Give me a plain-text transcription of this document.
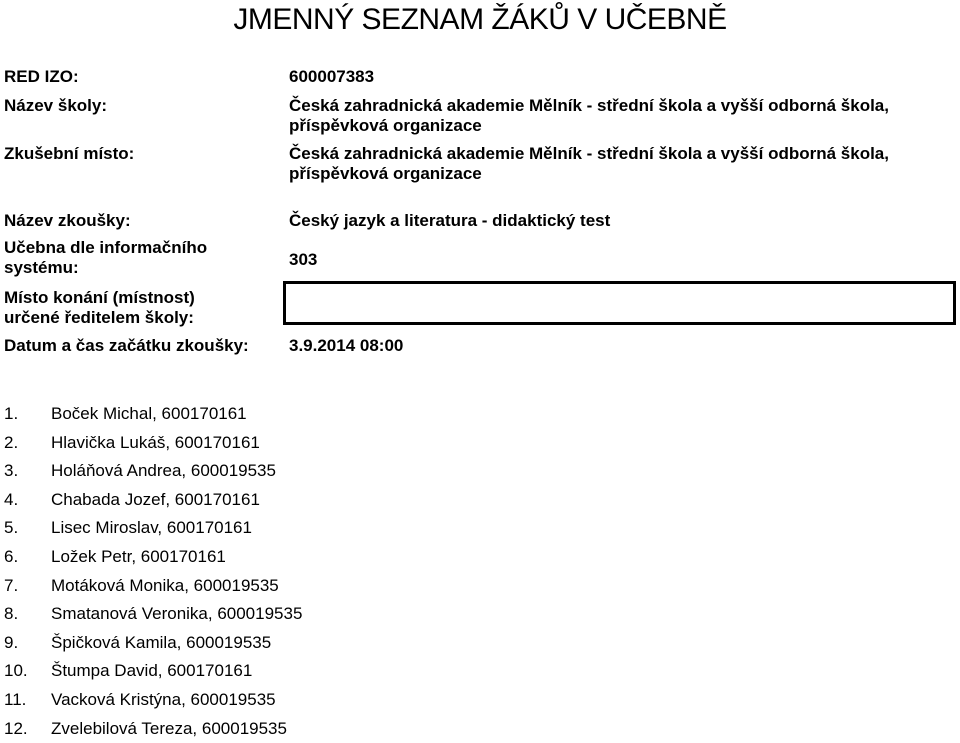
JMENNÝ SEZNAM ŽÁKŮ V UČEBNĚ
RED IZO:	600007383
Název školy:	Česká zahradnická akademie Mělník - střední škola a vyšší odborná škola,
příspěvková organizace
Zkušební místo:	Česká zahradnická akademie Mělník - střední škola a vyšší odborná škola,
příspěvková organizace
Název zkoušky:	Český jazyk a literatura - didaktický test
Učebna dle informačního
systému:	303
Místo konání (místnost)
určené ředitelem školy:
Datum a čas začátku zkoušky: 3.9.2014 08:00
1.	Boček Michal, 600170161
2.	Hlavička Lukáš, 600170161
3.	Holáňová Andrea, 600019535
4.	Chabada Jozef, 600170161
5.	Lisec Miroslav, 600170161
6.	Ložek Petr, 600170161
7.	Motáková Monika, 600019535
8.	Smatanová Veronika, 600019535
9.	Špičková Kamila, 600019535
10.	Štumpa David, 600170161
11.	Vacková Kristýna, 600019535
12.	Zvelebilová Tereza, 600019535
